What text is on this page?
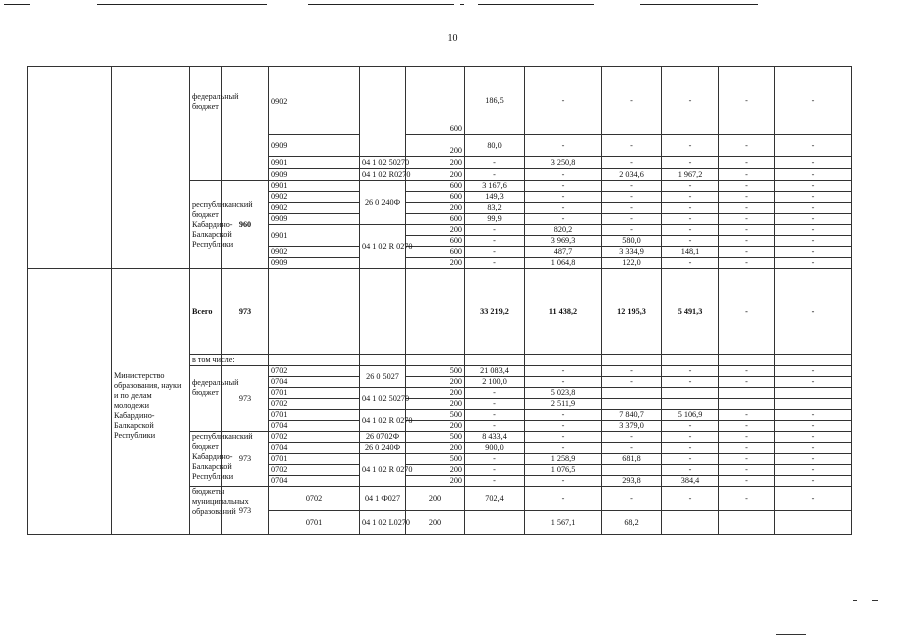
10
		федеральный бюджет		0902		600	186,5	-	-	-	-	-
				0909		200	80,0	-	-	-	-	-
				0901	04 1 02 50270	200	-	3 250,8	-	-	-	-
				0909	04 1 02 R0270	200	-	-	2 034,6	1 967,2	-	-
		республиканский бюджет Кабардино-Балкарской Республики	960	0901	26 0 240Ф	600	3 167,6	-	-	-	-	-
				0902		600	149,3	-	-	-	-	-
				0902		200	83,2	-	-	-	-	-
				0909		600	99,9	-	-	-	-	-
				0901	04 1 02 R 0270	200	-	820,2	-	-	-	-
						600	-	3 969,3	580,0	-	-	-
				0902		600	-	487,7	3 334,9	148,1	-	-
				0909		200	-	1 064,8	122,0	-	-	-
	Министерство образования, науки и по делам молодежи Кабардино-Балкарской Республики	Всего	973				33 219,2	11 438,2	12 195,3	5 491,3	-	-
		в том числе:										
		федеральный бюджет	973	0702	26 0 5027	500	21 083,4	-	-	-	-	-
				0704		200	2 100,0	-	-	-	-	-
				0701	04 1 02 50270	200	-	5 023,8				
				0702		200	-	2 511,9				
				0701	04 1 02 R 0270	500	-	-	7 840,7	5 106,9	-	-
				0704		200	-	-	3 379,0	-	-	-
		республиканский бюджет Кабардино-Балкарской Республики	973	0702	26 0702Ф	500	8 433,4	-	-	-	-	-
				0704	26 0 240Ф	200	900,0	-	-	-	-	-
				0701	04 1 02 R 0270	500	-	1 258,9	681,8	-	-	-
				0702		200	-	1 076,5		-	-	-
				0704		200	-	-	293,8	384,4	-	-
		бюджеты муниципальных образований	973	0702	04 1 Ф027	200	702,4	-	-	-	-	-
				0701	04 1 02 L0270	200		1 567,1	68,2			
